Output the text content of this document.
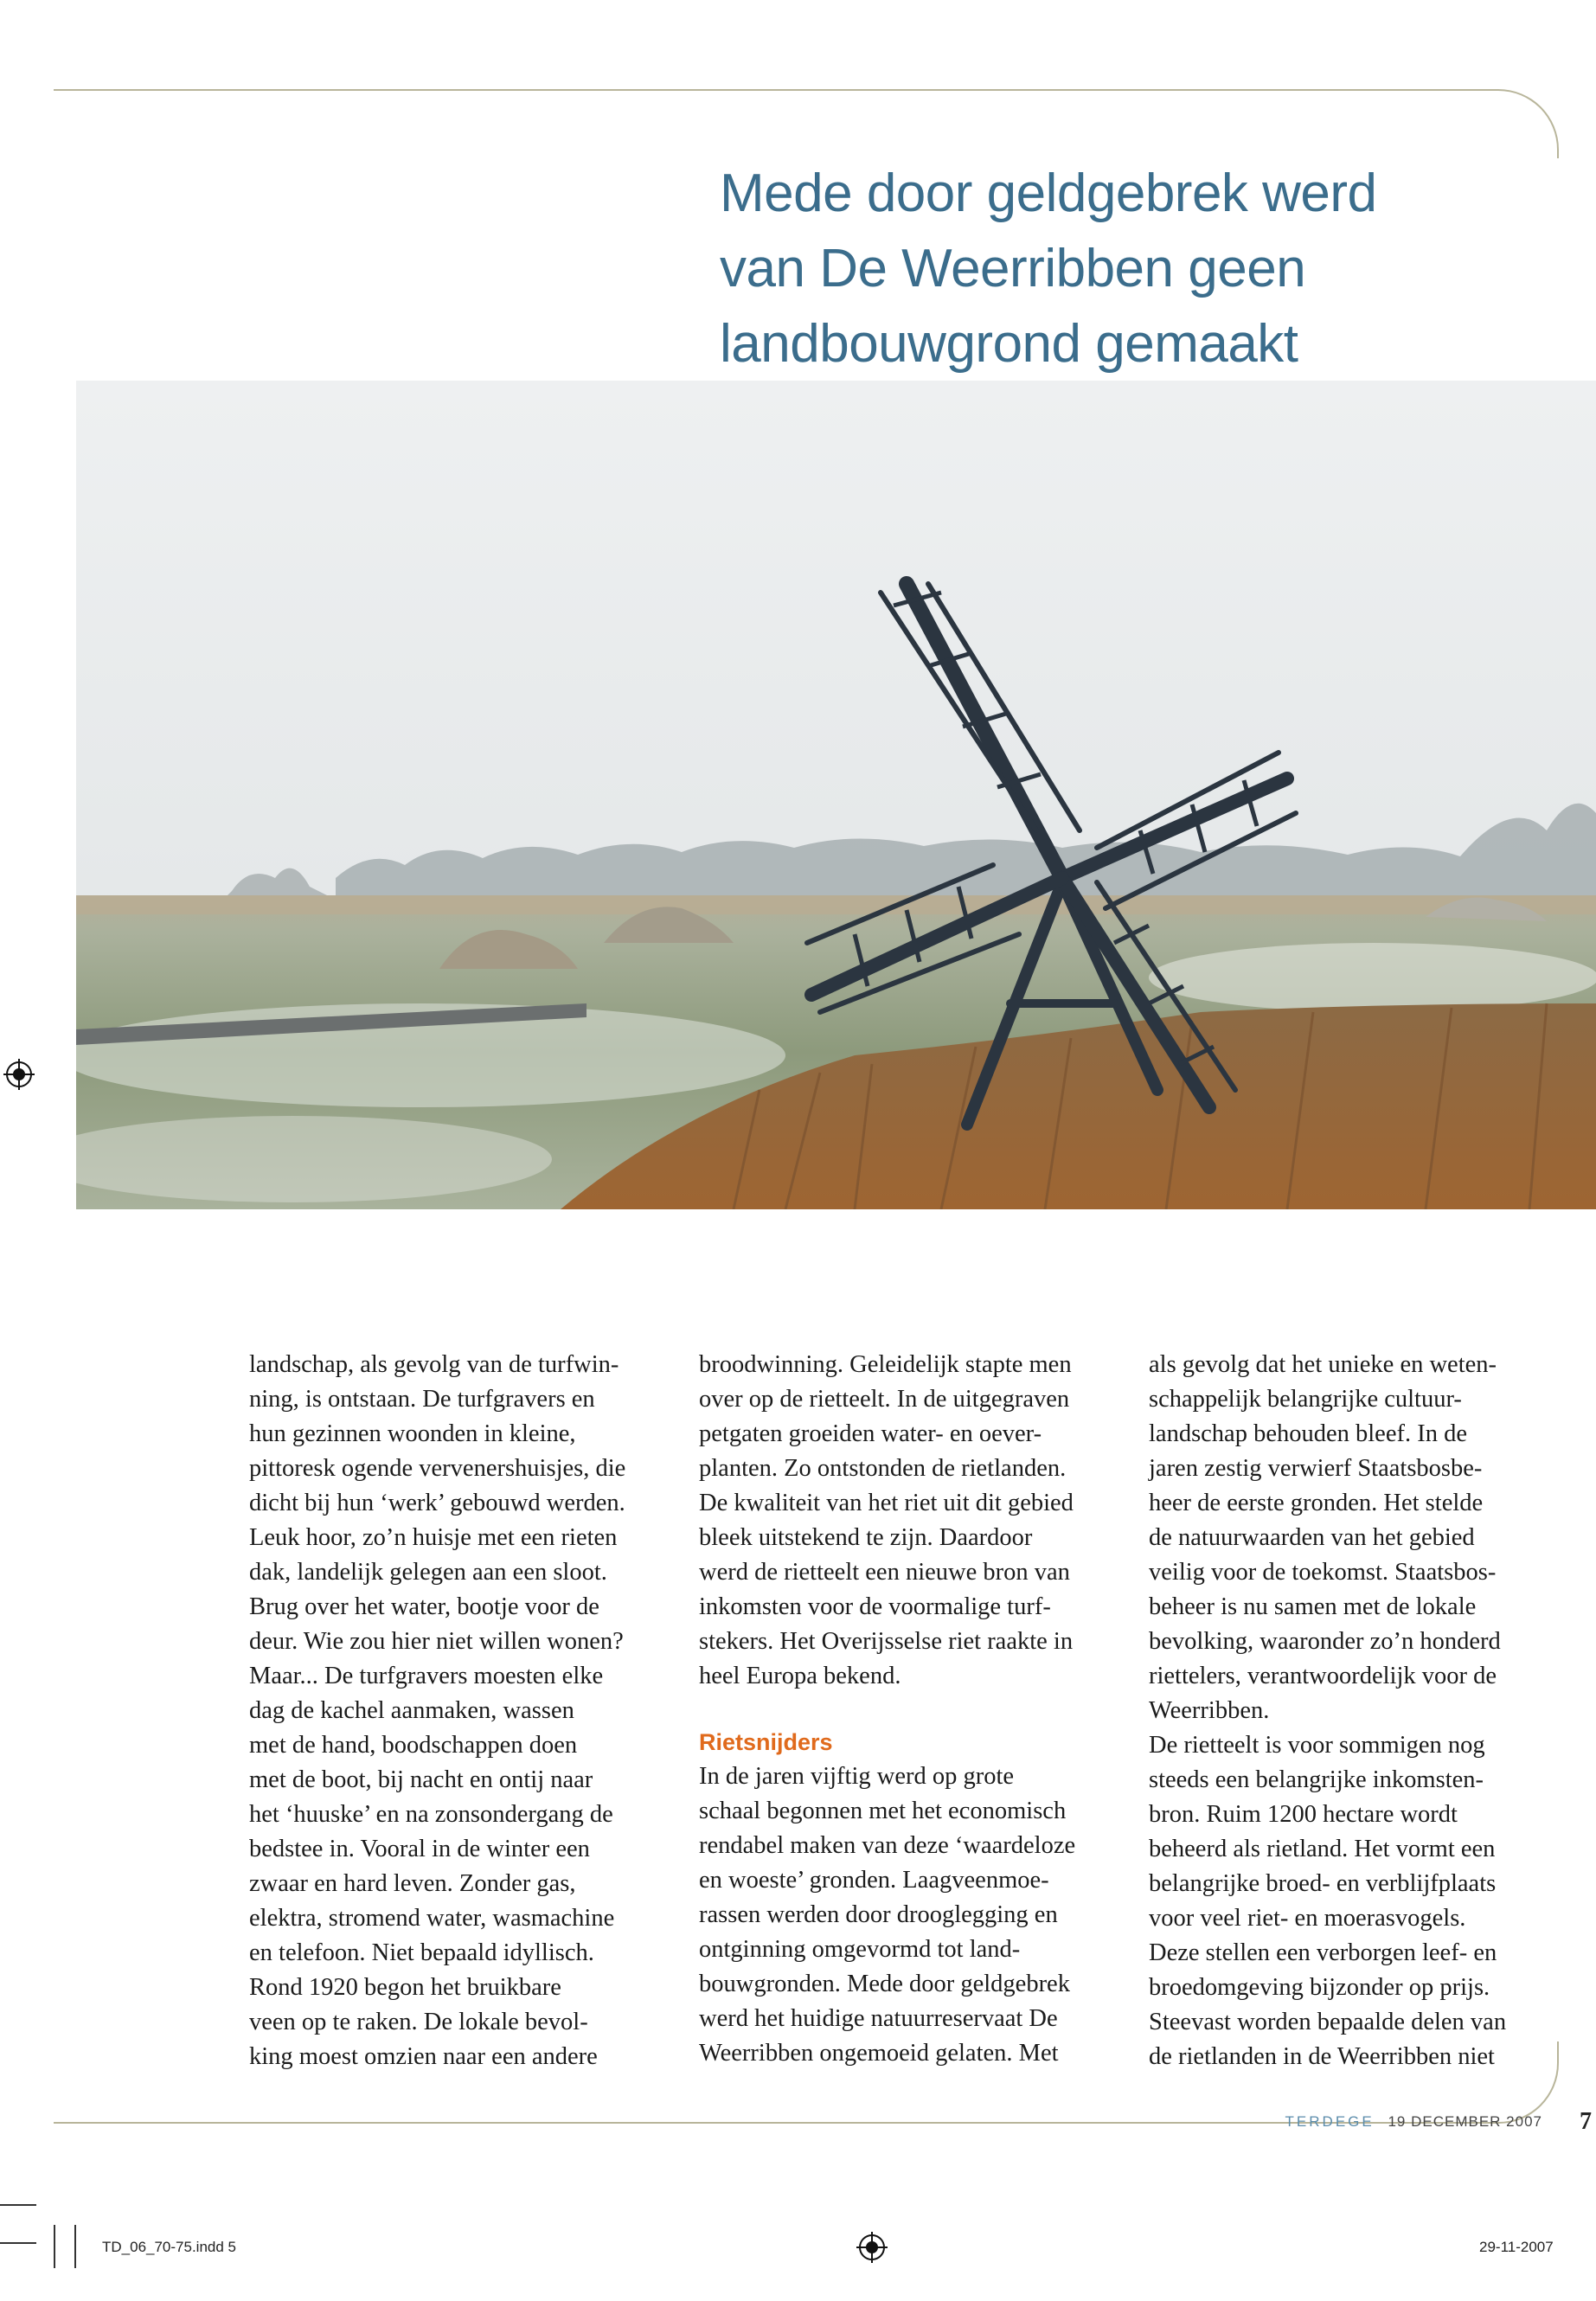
Mede door geldgebrek werd
van De Weerribben geen
landbouwgrond gemaakt

landschap, als gevolg van de turfwin-
ning, is ontstaan. De turfgravers en
hun gezinnen woonden in kleine,
pittoresk ogende vervenershuisjes, die
dicht bij hun ‘werk’ gebouwd werden.
Leuk hoor, zo’n huisje met een rieten
dak, landelijk gelegen aan een sloot.
Brug over het water, bootje voor de
deur. Wie zou hier niet willen wonen?
Maar... De turfgravers moesten elke
dag de kachel aanmaken, wassen
met de hand, boodschappen doen
met de boot, bij nacht en ontij naar
het ‘huuske’ en na zonsondergang de
bedstee in. Vooral in de winter een
zwaar en hard leven. Zonder gas,
elektra, stromend water, wasmachine
en telefoon. Niet bepaald idyllisch.
Rond 1920 begon het bruikbare
veen op te raken. De lokale bevol-
king moest omzien naar een andere

broodwinning. Geleidelijk stapte men
over op de rietteelt. In de uitgegraven
petgaten groeiden water- en oever-
planten. Zo ontstonden de rietlanden.
De kwaliteit van het riet uit dit gebied
bleek uitstekend te zijn. Daardoor
werd de rietteelt een nieuwe bron van
inkomsten voor de voormalige turf-
stekers. Het Overijsselse riet raakte in
heel Europa bekend.

Rietsnijders

In de jaren vijftig werd op grote
schaal begonnen met het economisch
rendabel maken van deze ‘waardeloze
en woeste’ gronden. Laagveenmoe-
rassen werden door drooglegging en
ontginning omgevormd tot land-
bouwgronden. Mede door geldgebrek
werd het huidige natuurreservaat De
Weerribben ongemoeid gelaten. Met

als gevolg dat het unieke en weten-
schappelijk belangrijke cultuur-
landschap behouden bleef. In de
jaren zestig verwierf Staatsbosbe-
heer de eerste gronden. Het stelde
de natuurwaarden van het gebied
veilig voor de toekomst. Staatsbos-
beheer is nu samen met de lokale
bevolking, waaronder zo’n honderd
riettelers, verantwoordelijk voor de
Weerribben.
De rietteelt is voor sommigen nog
steeds een belangrijke inkomsten-
bron. Ruim 1200 hectare wordt
beheerd als rietland. Het vormt een
belangrijke broed- en verblijfplaats
voor veel riet- en moerasvogels.
Deze stellen een verborgen leef- en
broedomgeving bijzonder op prijs.
Steevast worden bepaalde delen van
de rietlanden in de Weerribben niet

TERDEGE 19 DECEMBER 2007 7
TD_06_70-75.indd 5	29-11-2007
